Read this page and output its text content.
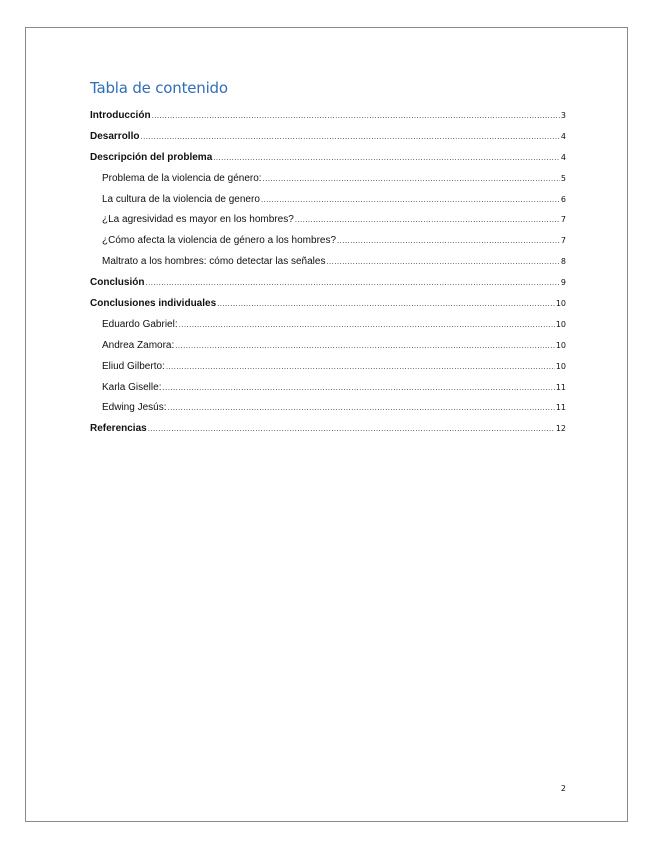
Tabla de contenido
Introducción .....	3
Desarrollo .....	4
Descripción del problema .....	4
Problema de la violencia de género: .....	5
La cultura de la violencia de genero .....	6
¿La agresividad es mayor en los hombres? .....	7
¿Cómo afecta la violencia de género a los hombres? .....	7
Maltrato a los hombres: cómo detectar las señales .....	8
Conclusión .....	9
Conclusiones individuales .....	10
Eduardo Gabriel: .....	10
Andrea Zamora: .....	10
Eliud Gilberto: .....	10
Karla Giselle: .....	11
Edwing Jesús: .....	11
Referencias .....	12
2
